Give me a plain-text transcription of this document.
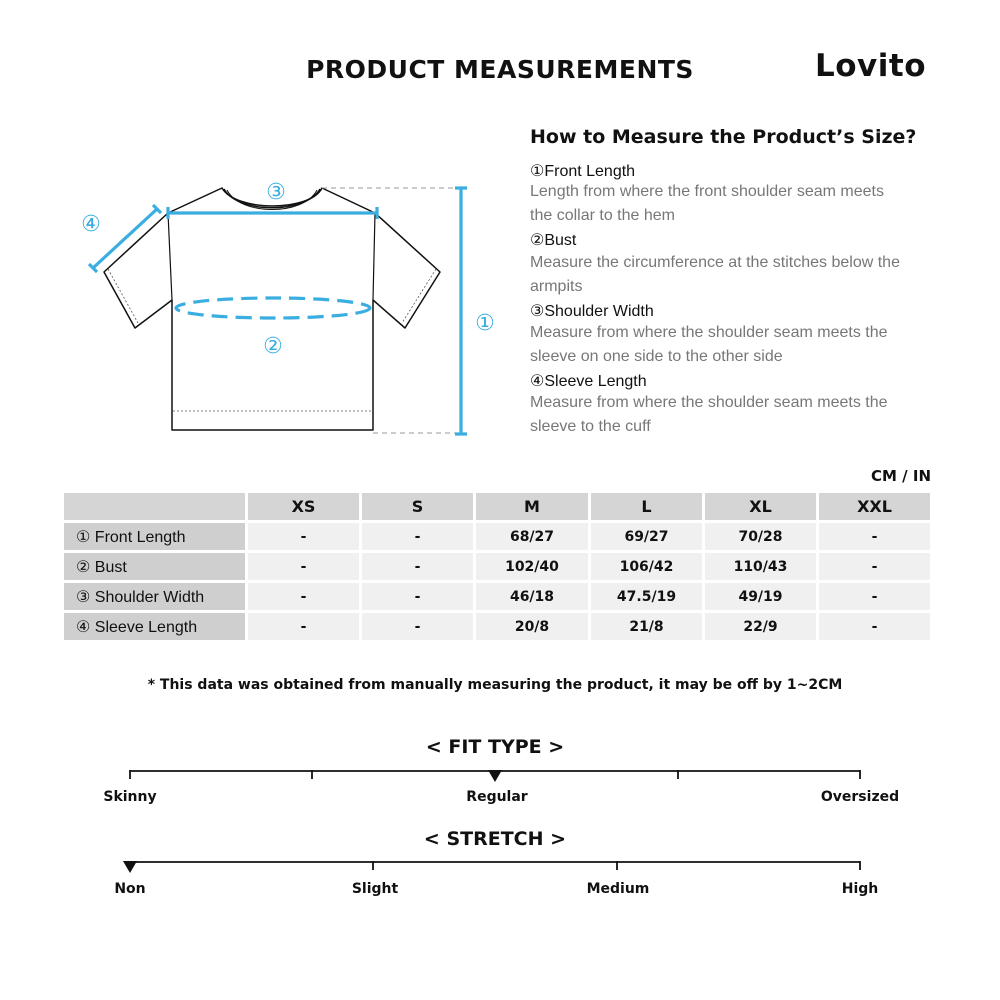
PRODUCT MEASUREMENTS	Lovito
①
②
③
④
How to Measure the Product’s Size?
①Front Length
Length from where the front shoulder seam meets the collar to the hem
②Bust
Measure the circumference at the stitches below the armpits
③Shoulder Width
Measure from where the shoulder seam meets the sleeve on one side to the other side
④Sleeve Length
Measure from where the shoulder seam meets the sleeve to the cuff
CM / IN
	XS	S	M	L	XL	XXL
① Front Length	-	-	68/27	69/27	70/28	-
② Bust	-	-	102/40	106/42	110/43	-
③ Shoulder Width	-	-	46/18	47.5/19	49/19	-
④ Sleeve Length	-	-	20/8	21/8	22/9	-
* This data was obtained from manually measuring the product, it may be off by 1~2CM
< FIT TYPE >
Skinny	Regular	Oversized
< STRETCH >
Non	Slight	Medium	High
